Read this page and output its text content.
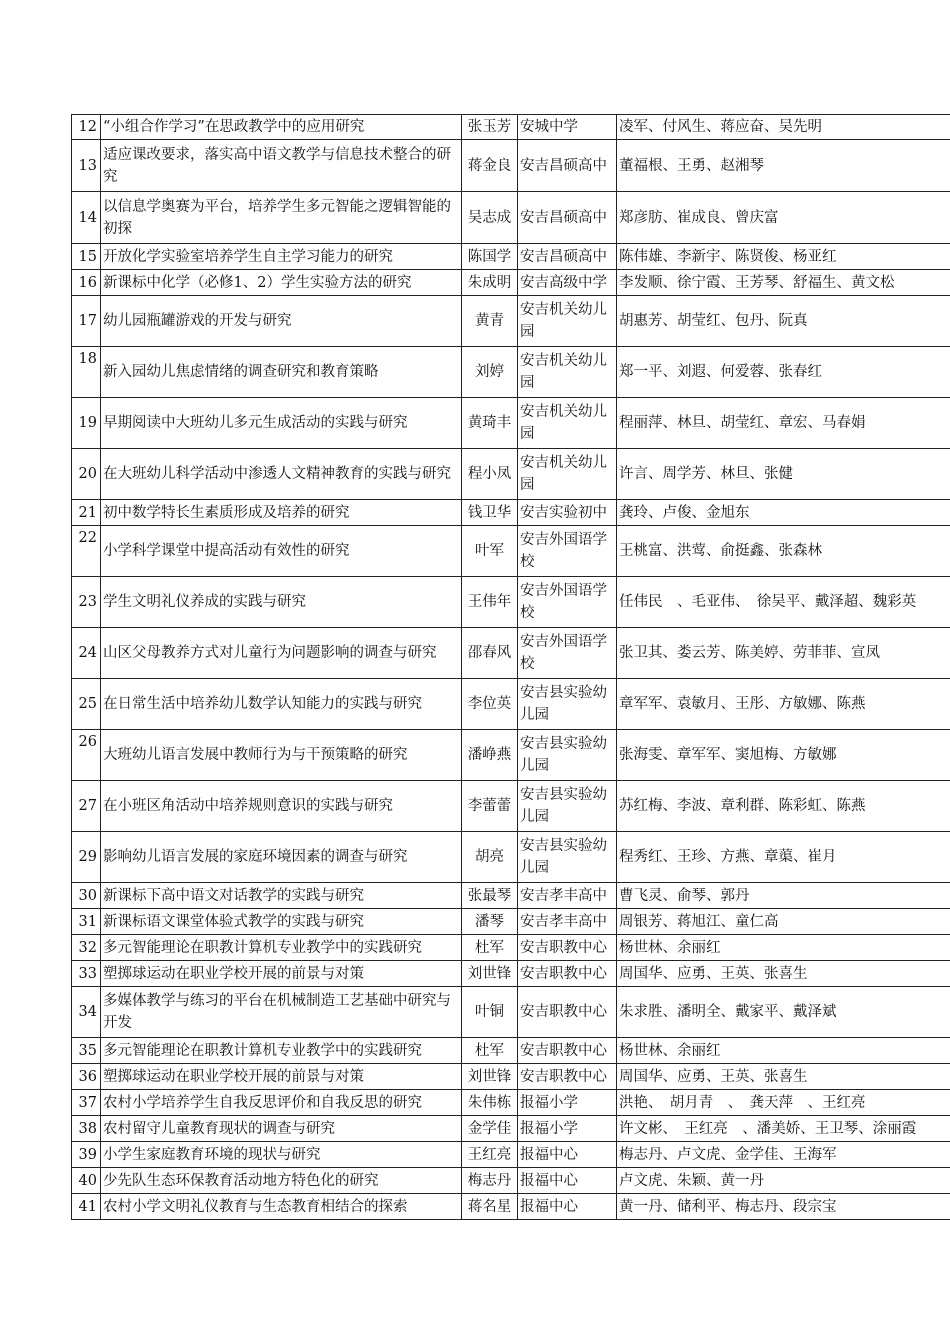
12	“小组合作学习”在思政教学中的应用研究	张玉芳	安城中学	凌军、付风生、蒋应奋、吴先明
13	适应课改要求，落实高中语文教学与信息技术整合的研究	蒋金良	安吉昌硕高中	董福根、王勇、赵湘琴
14	以信息学奥赛为平台，培养学生多元智能之逻辑智能的初探	吴志成	安吉昌硕高中	郑彦肪、崔成良、曾庆富
15	开放化学实验室培养学生自主学习能力的研究	陈国学	安吉昌硕高中	陈伟雄、李新宇、陈贤俊、杨亚红
16	新课标中化学（必修1、2）学生实验方法的研究	朱成明	安吉高级中学	李发顺、徐宁霞、王芳琴、舒福生、黄文松
17	幼儿园瓶罐游戏的开发与研究	黄青	安吉机关幼儿园	胡惠芳、胡莹红、包丹、阮真
18	新入园幼儿焦虑情绪的调查研究和教育策略	刘婷	安吉机关幼儿园	郑一平、刘遐、何爱蓉、张春红
19	早期阅读中大班幼儿多元生成活动的实践与研究	黄琦丰	安吉机关幼儿园	程丽萍、林旦、胡莹红、章宏、马春娟
20	在大班幼儿科学活动中渗透人文精神教育的实践与研究	程小凤	安吉机关幼儿园	许言、周学芳、林旦、张健
21	初中数学特长生素质形成及培养的研究	钱卫华	安吉实验初中	龚玲、卢俊、金旭东
22	小学科学课堂中提高活动有效性的研究	叶军	安吉外国语学校	王桃富、洪莺、俞挺鑫、张森林
23	学生文明礼仪养成的实践与研究	王伟年	安吉外国语学校	任伟民　、毛亚伟、　徐吴平、戴泽超、魏彩英
24	山区父母教养方式对儿童行为问题影响的调查与研究	邵春风	安吉外国语学校	张卫其、娄云芳、陈美婷、劳菲菲、宣凤
25	在日常生活中培养幼儿数学认知能力的实践与研究	李位英	安吉县实验幼儿园	章军军、袁敏月、王彤、方敏娜、陈燕
26	大班幼儿语言发展中教师行为与干预策略的研究	潘峥燕	安吉县实验幼儿园	张海雯、章军军、窦旭梅、方敏娜
27	在小班区角活动中培养规则意识的实践与研究	李蕾蕾	安吉县实验幼儿园	苏红梅、李波、章利群、陈彩虹、陈燕
29	影响幼儿语言发展的家庭环境因素的调查与研究	胡亮	安吉县实验幼儿园	程秀红、王珍、方燕、章蕖、崔月
30	新课标下高中语文对话教学的实践与研究	张最琴	安吉孝丰高中	曹飞灵、俞琴、郭丹
31	新课标语文课堂体验式教学的实践与研究	潘琴	安吉孝丰高中	周银芳、蒋旭江、童仁高
32	多元智能理论在职教计算机专业教学中的实践研究	杜军	安吉职教中心	杨世林、余丽红
33	塑掷球运动在职业学校开展的前景与对策	刘世锋	安吉职教中心	周国华、应勇、王英、张喜生
34	多媒体教学与练习的平台在机械制造工艺基础中研究与开发	叶铜	安吉职教中心	朱求胜、潘明全、戴家平、戴泽斌
35	多元智能理论在职教计算机专业教学中的实践研究	杜军	安吉职教中心	杨世林、余丽红
36	塑掷球运动在职业学校开展的前景与对策	刘世锋	安吉职教中心	周国华、应勇、王英、张喜生
37	农村小学培养学生自我反思评价和自我反思的研究	朱伟栋	报福小学	洪艳、　胡月青　、　龚天萍　、王红亮
38	农村留守儿童教育现状的调查与研究	金学佳	报福小学	许文彬、　王红亮　、潘美娇、王卫琴、涂丽霞
39	小学生家庭教育环境的现状与研究	王红亮	报福中心	梅志丹、卢文虎、金学佳、王海军
40	少先队生态环保教育活动地方特色化的研究	梅志丹	报福中心	卢文虎、朱颖、黄一丹
41	农村小学文明礼仪教育与生态教育相结合的探索	蒋名星	报福中心	黄一丹、储利平、梅志丹、段宗宝
